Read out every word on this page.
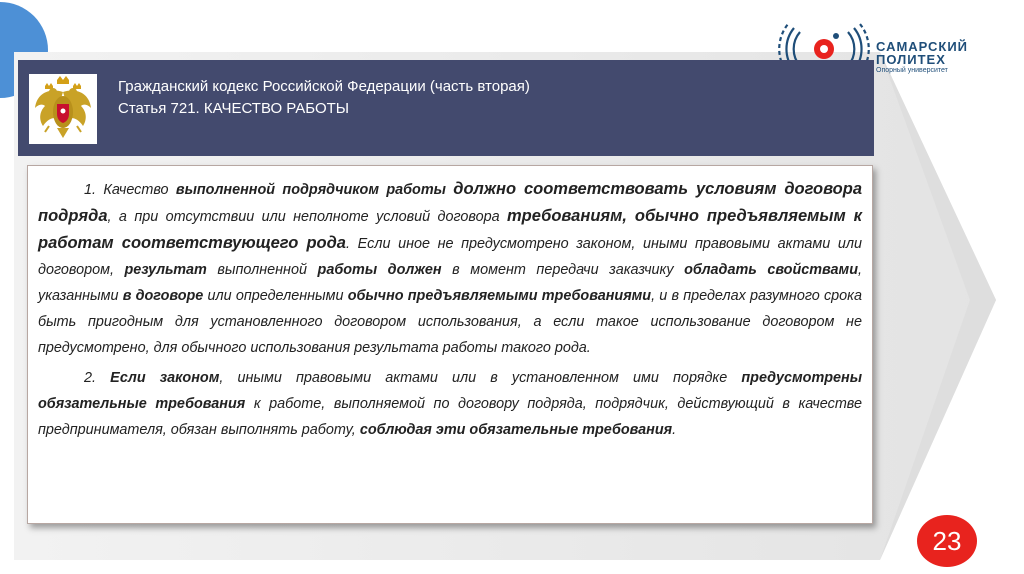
САМАРСКИЙ
ПОЛИТЕХ
Опорный университет
Гражданский кодекс Российской Федерации (часть вторая)
Статья 721. КАЧЕСТВО РАБОТЫ

1. Качество выполненной подрядчиком работы должно соответствовать условиям договора подряда, а при отсутствии или неполноте условий договора требованиям, обычно предъявляемым к работам соответствующего рода. Если иное не предусмотрено законом, иными правовыми актами или договором, результат выполненной работы должен в момент передачи заказчику обладать свойствами, указанными в договоре или определенными обычно предъявляемыми требованиями, и в пределах разумного срока быть пригодным для установленного договором использования, а если такое использование договором не предусмотрено, для обычного использования результата работы такого рода.

2. Если законом, иными правовыми актами или в установленном ими порядке предусмотрены обязательные требования к работе, выполняемой по договору подряда, подрядчик, действующий в качестве предпринимателя, обязан выполнять работу, соблюдая эти обязательные требования.

23
